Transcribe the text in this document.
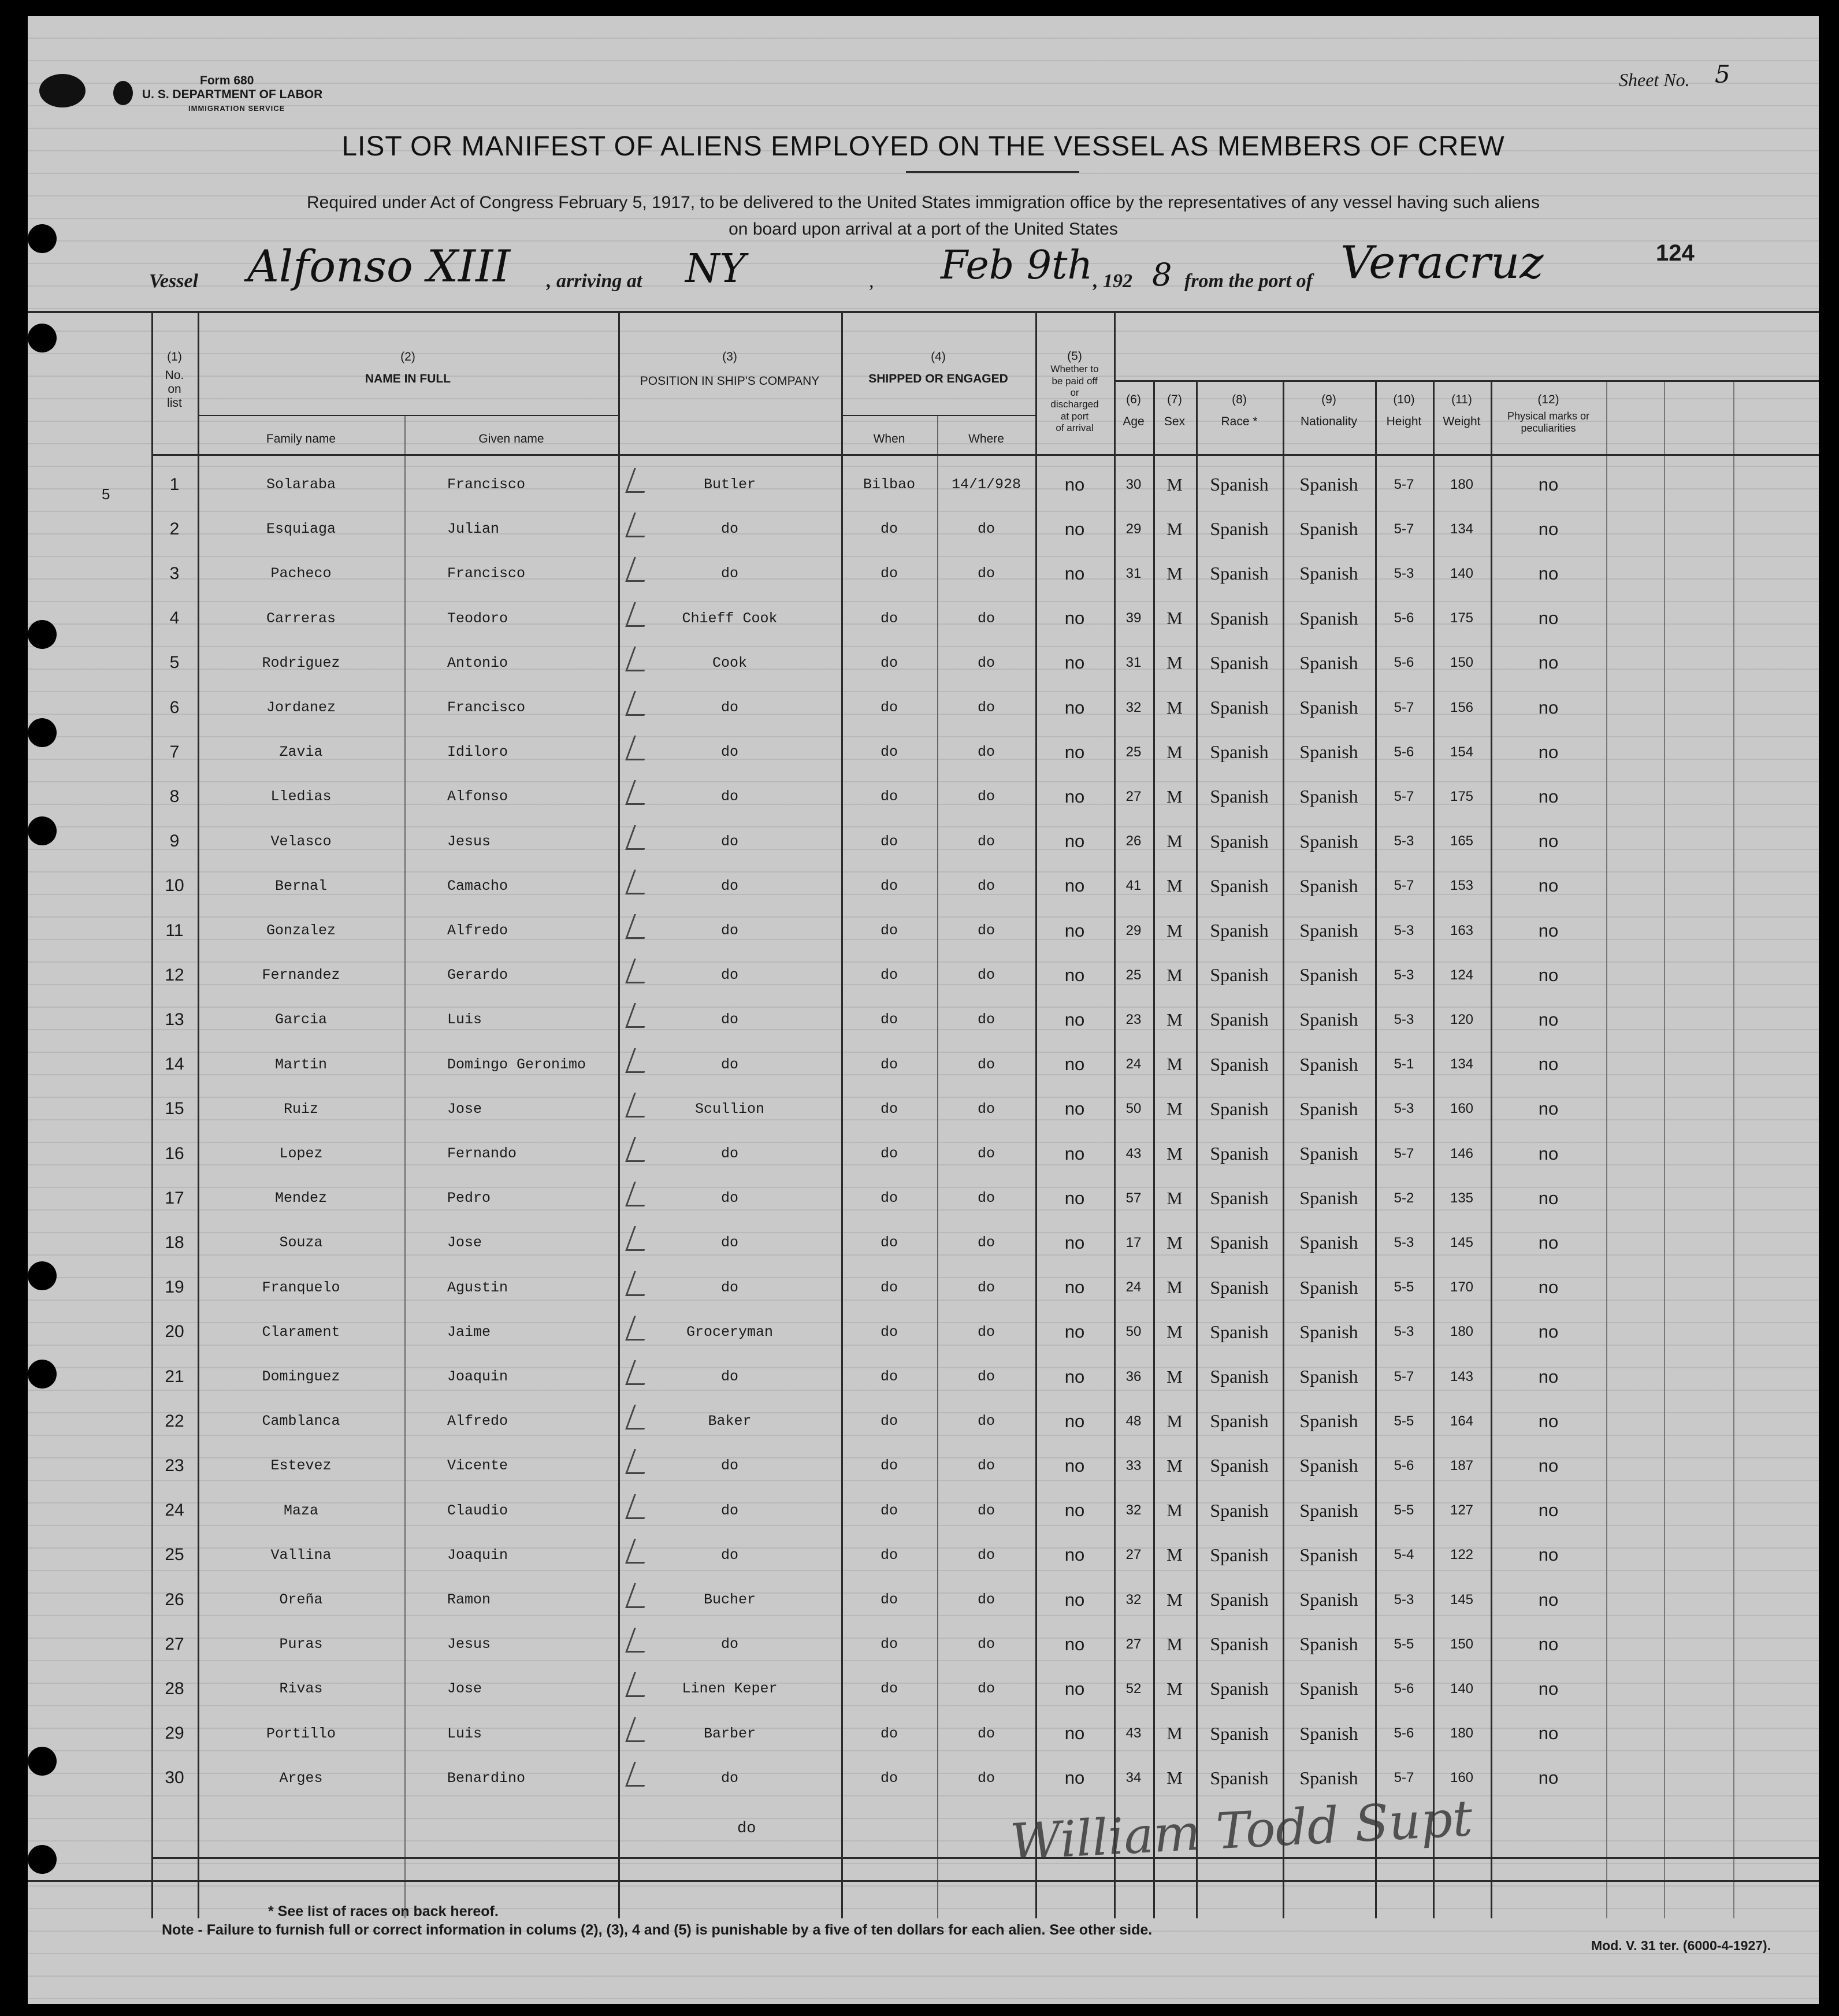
Form 680
U. S. DEPARTMENT OF LABOR
IMMIGRATION SERVICE
Sheet No. 5
LIST OR MANIFEST OF ALIENS EMPLOYED ON THE VESSEL AS MEMBERS OF CREW
Required under Act of Congress February 5, 1917, to be delivered to the United States immigration office by the representatives of any vessel having such aliens
on board upon arrival at a port of the United States
124
5
Vessel Alfonso XIII , arriving at NY	, Feb 9th , 192 8 from the port of Veracruz
(1)
No.
on
list
(2)
NAME IN FULL
Family name	Given name
(3)
POSITION IN SHIP'S COMPANY
(4)
SHIPPED OR ENGAGED
When	Where
(5)
Whether to
be paid off
or
discharged
at port
of arrival
(6)
Age
(7)
Sex
(8)
Race *
(9)
Nationality
(10)
Height
(11)
Weight
(12)
Physical marks or
peculiarities
1	Solaraba	Francisco	Butler	Bilbao	14/1/928	no	30	M	Spanish	Spanish	5-7	180	no
2	Esquiaga	Julian	do	do	do	no	29	M	Spanish	Spanish	5-7	134	no
3	Pacheco	Francisco	do	do	do	no	31	M	Spanish	Spanish	5-3	140	no
4	Carreras	Teodoro	Chieff Cook	do	do	no	39	M	Spanish	Spanish	5-6	175	no
5	Rodriguez	Antonio	Cook	do	do	no	31	M	Spanish	Spanish	5-6	150	no
6	Jordanez	Francisco	do	do	do	no	32	M	Spanish	Spanish	5-7	156	no
7	Zavia	Idiloro	do	do	do	no	25	M	Spanish	Spanish	5-6	154	no
8	Lledias	Alfonso	do	do	do	no	27	M	Spanish	Spanish	5-7	175	no
9	Velasco	Jesus	do	do	do	no	26	M	Spanish	Spanish	5-3	165	no
10	Bernal	Camacho	do	do	do	no	41	M	Spanish	Spanish	5-7	153	no
11	Gonzalez	Alfredo	do	do	do	no	29	M	Spanish	Spanish	5-3	163	no
12	Fernandez	Gerardo	do	do	do	no	25	M	Spanish	Spanish	5-3	124	no
13	Garcia	Luis	do	do	do	no	23	M	Spanish	Spanish	5-3	120	no
14	Martin	Domingo Geronimo	do	do	do	no	24	M	Spanish	Spanish	5-1	134	no
15	Ruiz	Jose	Scullion	do	do	no	50	M	Spanish	Spanish	5-3	160	no
16	Lopez	Fernando	do	do	do	no	43	M	Spanish	Spanish	5-7	146	no
17	Mendez	Pedro	do	do	do	no	57	M	Spanish	Spanish	5-2	135	no
18	Souza	Jose	do	do	do	no	17	M	Spanish	Spanish	5-3	145	no
19	Franquelo	Agustin	do	do	do	no	24	M	Spanish	Spanish	5-5	170	no
20	Clarament	Jaime	Groceryman	do	do	no	50	M	Spanish	Spanish	5-3	180	no
21	Dominguez	Joaquin	do	do	do	no	36	M	Spanish	Spanish	5-7	143	no
22	Camblanca	Alfredo	Baker	do	do	no	48	M	Spanish	Spanish	5-5	164	no
23	Estevez	Vicente	do	do	do	no	33	M	Spanish	Spanish	5-6	187	no
24	Maza	Claudio	do	do	do	no	32	M	Spanish	Spanish	5-5	127	no
25	Vallina	Joaquin	do	do	do	no	27	M	Spanish	Spanish	5-4	122	no
26	Oreña	Ramon	Bucher	do	do	no	32	M	Spanish	Spanish	5-3	145	no
27	Puras	Jesus	do	do	do	no	27	M	Spanish	Spanish	5-5	150	no
28	Rivas	Jose	Linen Keper	do	do	no	52	M	Spanish	Spanish	5-6	140	no
29	Portillo	Luis	Barber	do	do	no	43	M	Spanish	Spanish	5-6	180	no
30	Arges	Benardino	do	do	do	no	34	M	Spanish	Spanish	5-7	160	no
do	William Todd Supt
* See list of races on back hereof.
Note - Failure to furnish full or correct information in colums (2), (3), 4 and (5) is punishable by a five of ten dollars for each alien. See other side.
Mod. V. 31 ter. (6000-4-1927).
